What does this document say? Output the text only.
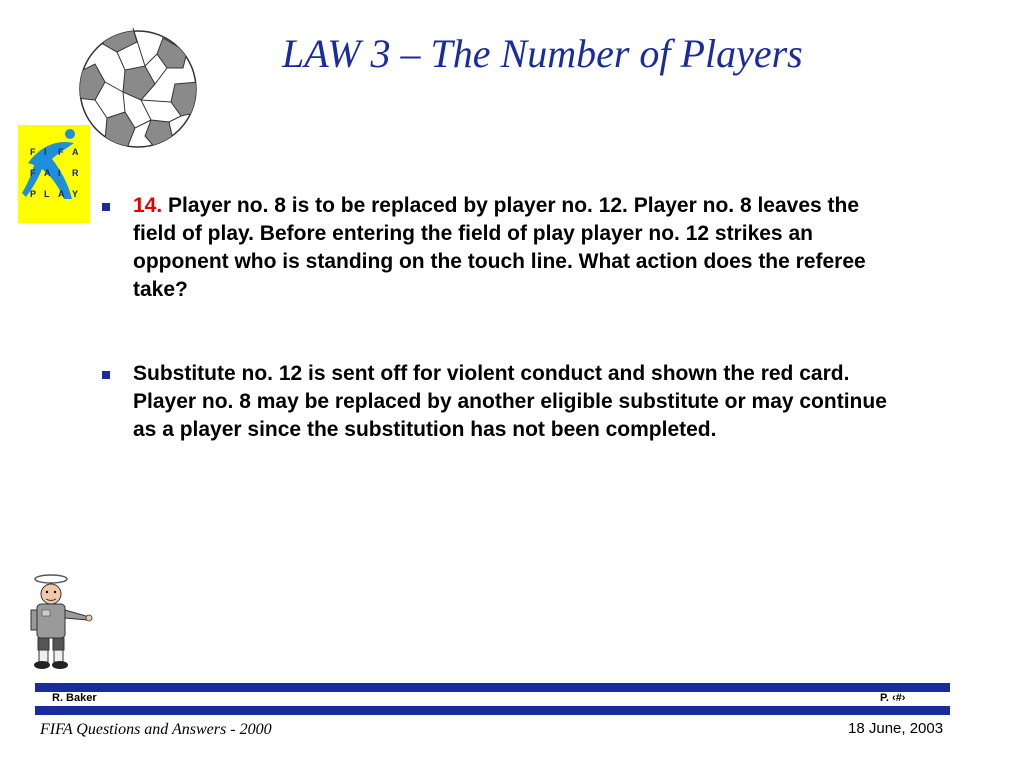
F I F A
F A I R
P L A Y
LAW 3 – The Number of Players
14. Player no. 8 is to be replaced by player no. 12. Player no. 8 leaves the field of play. Before entering the field of play player no. 12 strikes an opponent who is standing on the touch line. What action does the referee take?
Substitute no. 12 is sent off for violent conduct and shown the red card.
Player no. 8 may be replaced by another eligible substitute or may continue as a player since the substitution has not been completed.
R. Baker	P. ‹#›
FIFA Questions and Answers - 2000	18 June, 2003
